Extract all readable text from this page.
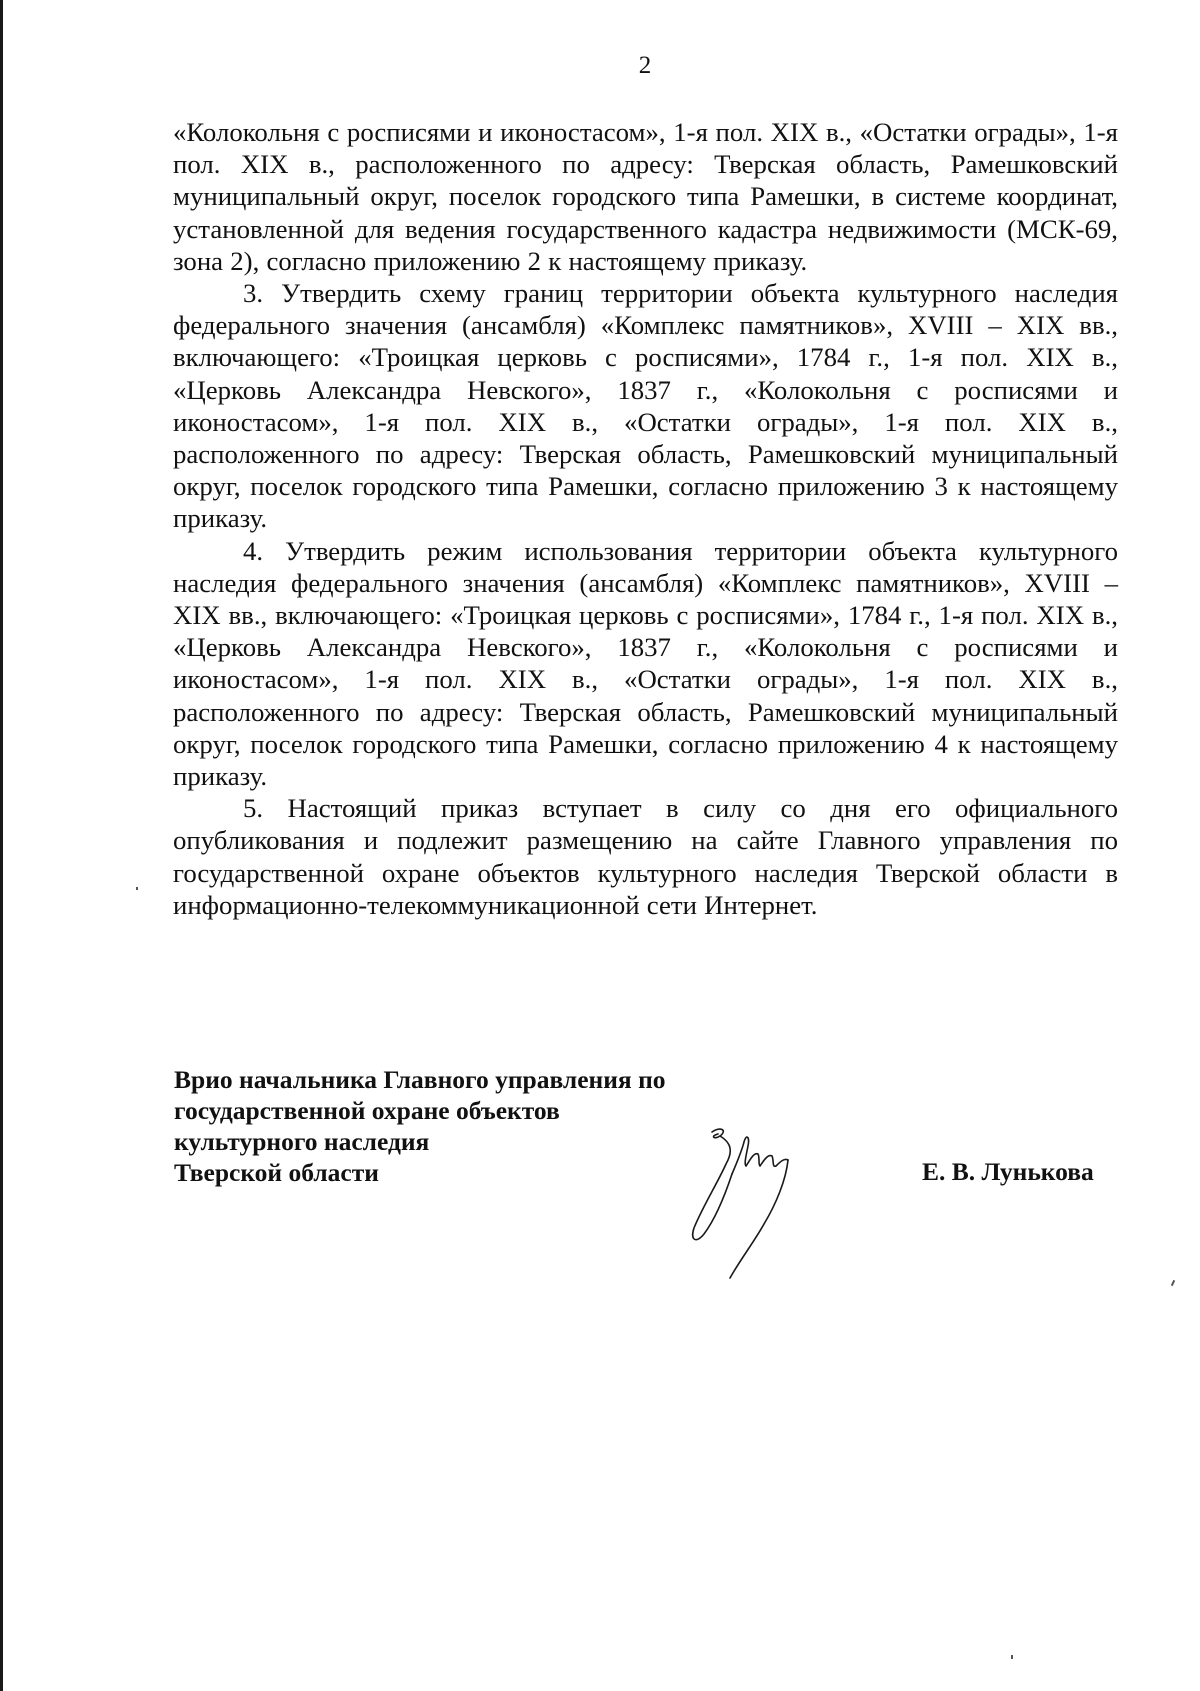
2

«Колокольня с росписями и иконостасом», 1-я пол. XIX в., «Остатки ограды», 1-я пол. XIX в., расположенного по адресу: Тверская область, Рамешковский муниципальный округ, поселок городского типа Рамешки, в системе координат, установленной для ведения государственного кадастра недвижимости (МСК-69, зона 2), согласно приложению 2 к настоящему приказу.

3. Утвердить схему границ территории объекта культурного наследия федерального значения (ансамбля) «Комплекс памятников», XVIII – XIX вв., включающего: «Троицкая церковь с росписями», 1784 г., 1-я пол. XIX в., «Церковь Александра Невского», 1837 г., «Колокольня с росписями и иконостасом», 1-я пол. XIX в., «Остатки ограды», 1-я пол. XIX в., расположенного по адресу: Тверская область, Рамешковский муниципальный округ, поселок городского типа Рамешки, согласно приложению 3 к настоящему приказу.

4. Утвердить режим использования территории объекта культурного наследия федерального значения (ансамбля) «Комплекс памятников», XVIII – XIX вв., включающего: «Троицкая церковь с росписями», 1784 г., 1-я пол. XIX в., «Церковь Александра Невского», 1837 г., «Колокольня с росписями и иконостасом», 1-я пол. XIX в., «Остатки ограды», 1-я пол. XIX в., расположенного по адресу: Тверская область, Рамешковский муниципальный округ, поселок городского типа Рамешки, согласно приложению 4 к настоящему приказу.

5. Настоящий приказ вступает в силу со дня его официального опубликования и подлежит размещению на сайте Главного управления по государственной охране объектов культурного наследия Тверской области в информационно-телекоммуникационной сети Интернет.

Врио начальника Главного управления по
государственной охране объектов
культурного наследия
Тверской области	Е. В. Лунькова
